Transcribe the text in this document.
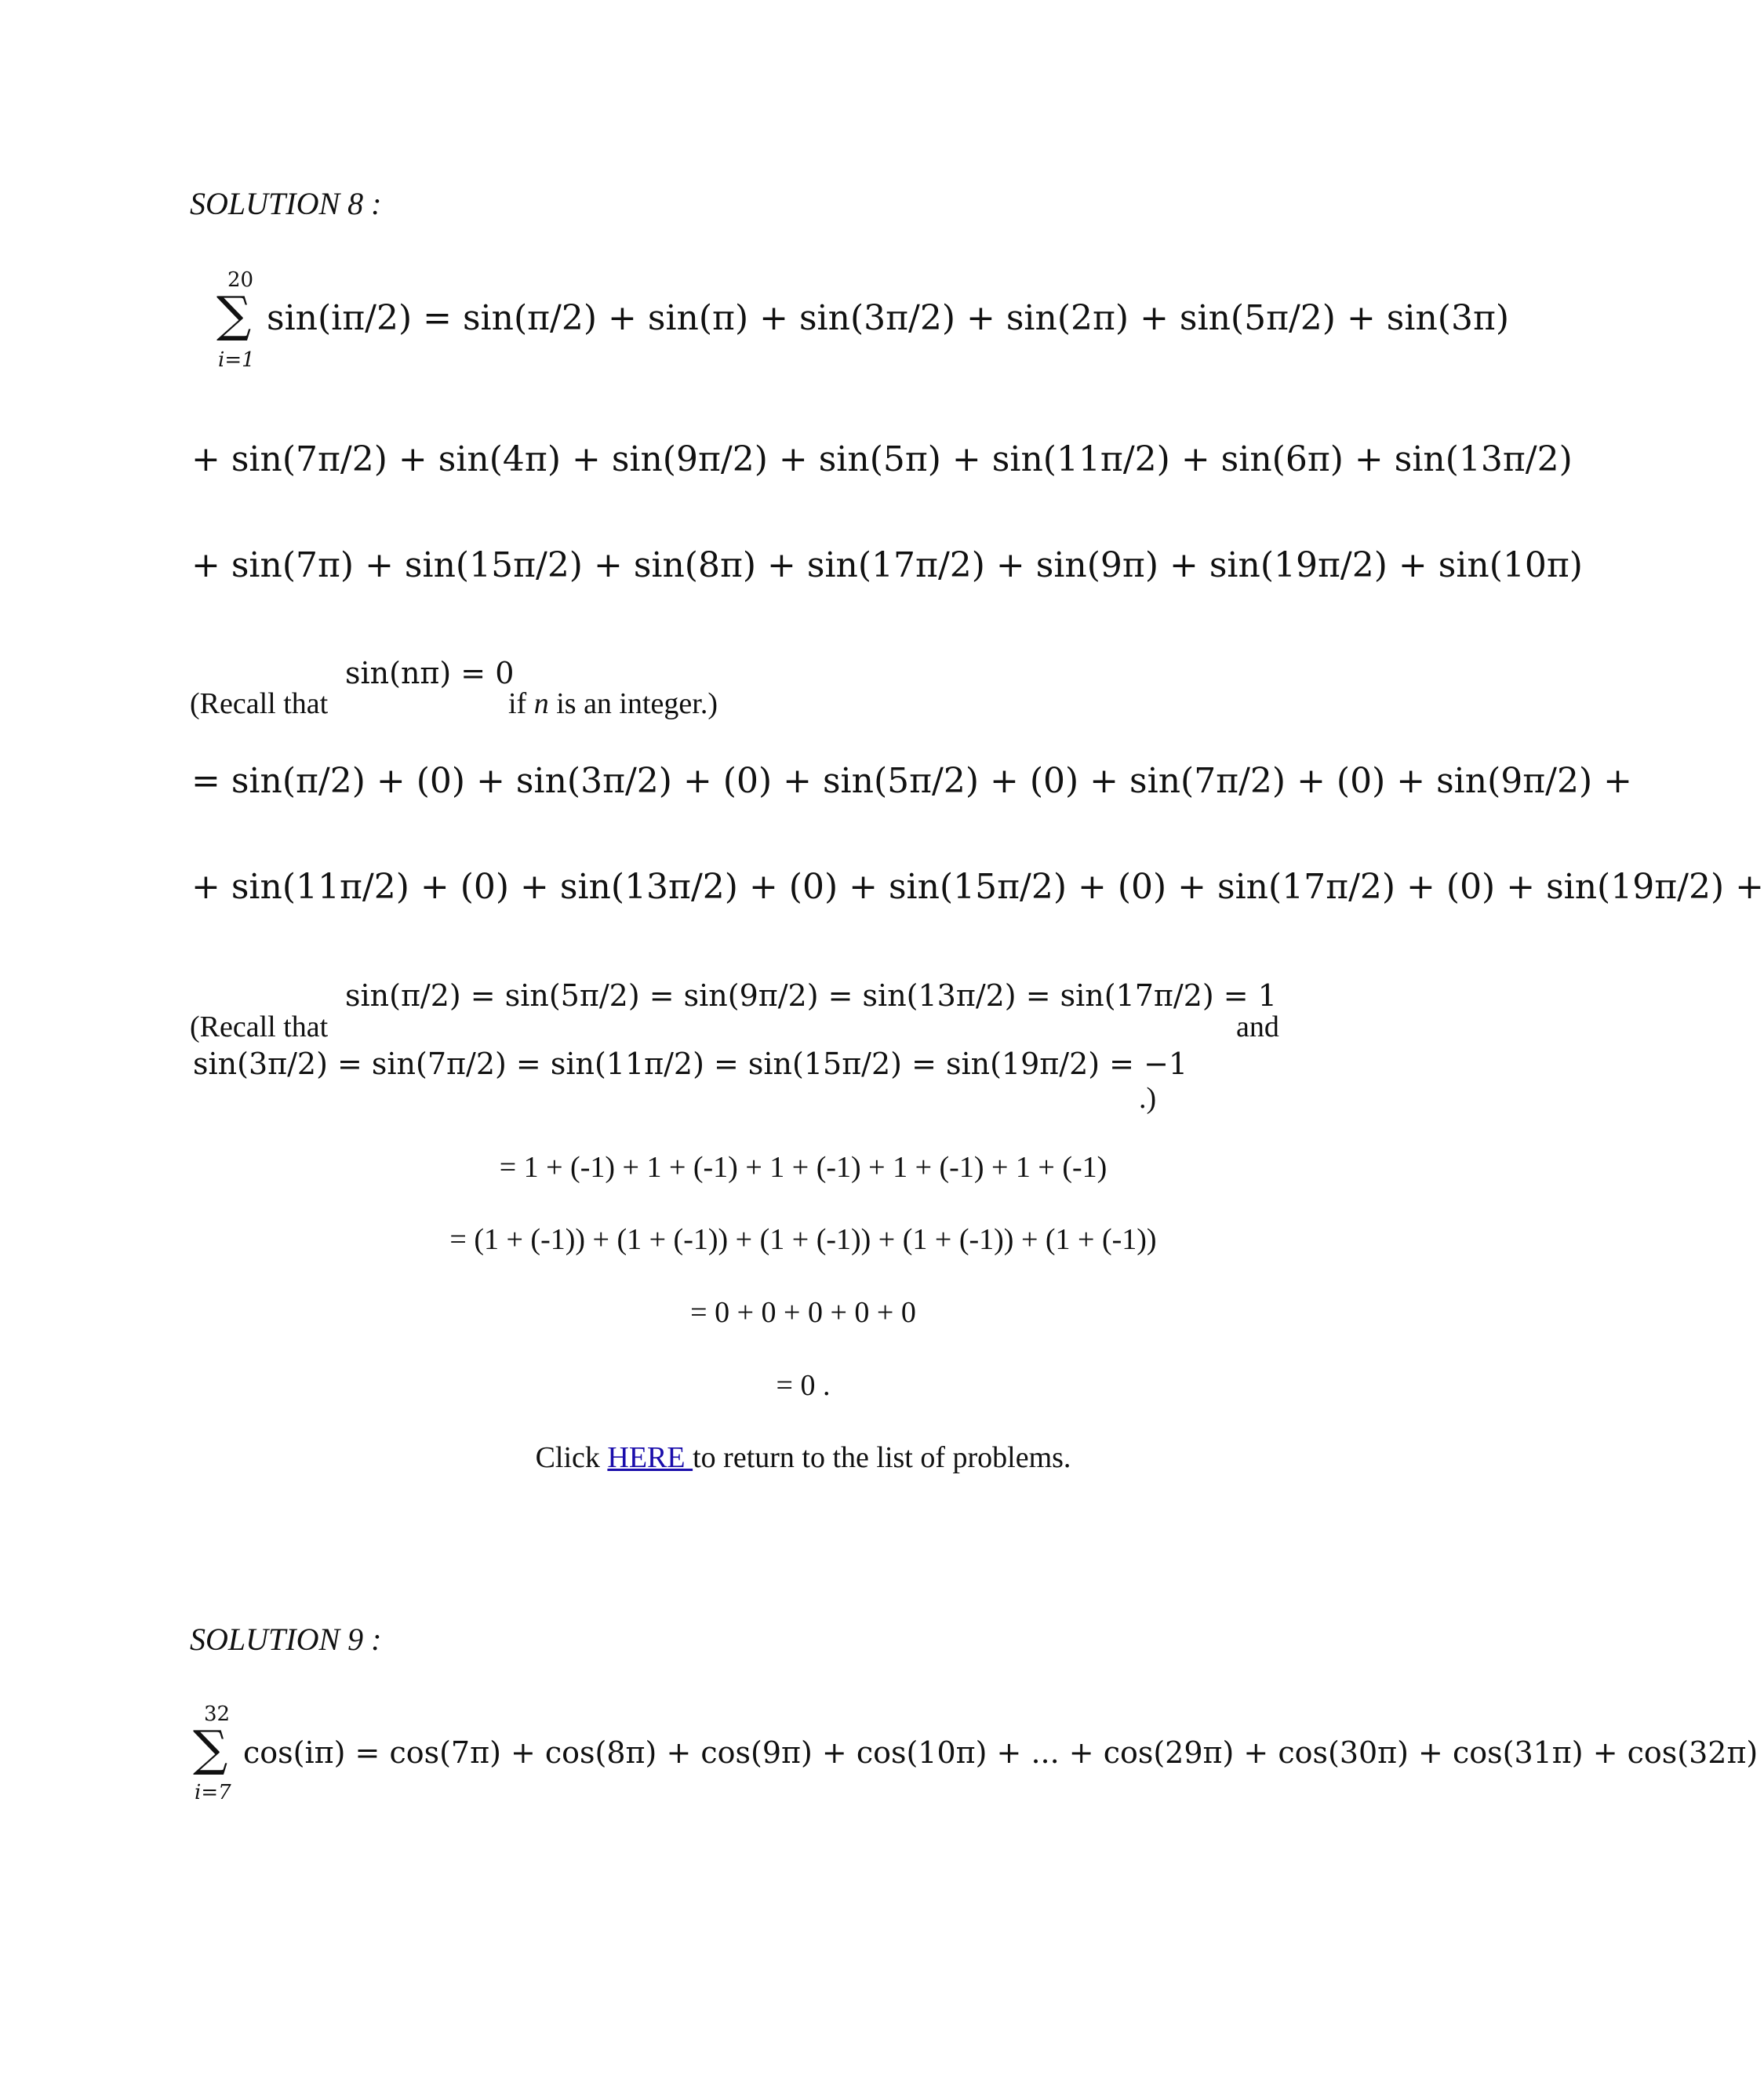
SOLUTION 8 :
20
∑
i=1
sin(iπ/2) = sin(π/2) + sin(π) + sin(3π/2) + sin(2π) + sin(5π/2) + sin(3π)
+ sin(7π/2) + sin(4π) + sin(9π/2) + sin(5π) + sin(11π/2) + sin(6π) + sin(13π/2)
+ sin(7π) + sin(15π/2) + sin(8π) + sin(17π/2) + sin(9π) + sin(19π/2) + sin(10π)
(Recall that
sin(nπ) = 0
if n is an integer.)
= sin(π/2) + (0) + sin(3π/2) + (0) + sin(5π/2) + (0) + sin(7π/2) + (0) + sin(9π/2) +
+ sin(11π/2) + (0) + sin(13π/2) + (0) + sin(15π/2) + (0) + sin(17π/2) + (0) + sin(19π/2) +
(Recall that
sin(π/2) = sin(5π/2) = sin(9π/2) = sin(13π/2) = sin(17π/2) = 1
and
sin(3π/2) = sin(7π/2) = sin(11π/2) = sin(15π/2) = sin(19π/2) = −1
.)
= 1 + (-1) + 1 + (-1) + 1 + (-1) + 1 + (-1) + 1 + (-1)
= (1 + (-1)) + (1 + (-1)) + (1 + (-1)) + (1 + (-1)) + (1 + (-1))
= 0 + 0 + 0 + 0 + 0
= 0 .
Click HERE to return to the list of problems.
SOLUTION 9 :
32
∑
i=7
cos(iπ) = cos(7π) + cos(8π) + cos(9π) + cos(10π) + ... + cos(29π) + cos(30π) + cos(31π) + cos(32π)
